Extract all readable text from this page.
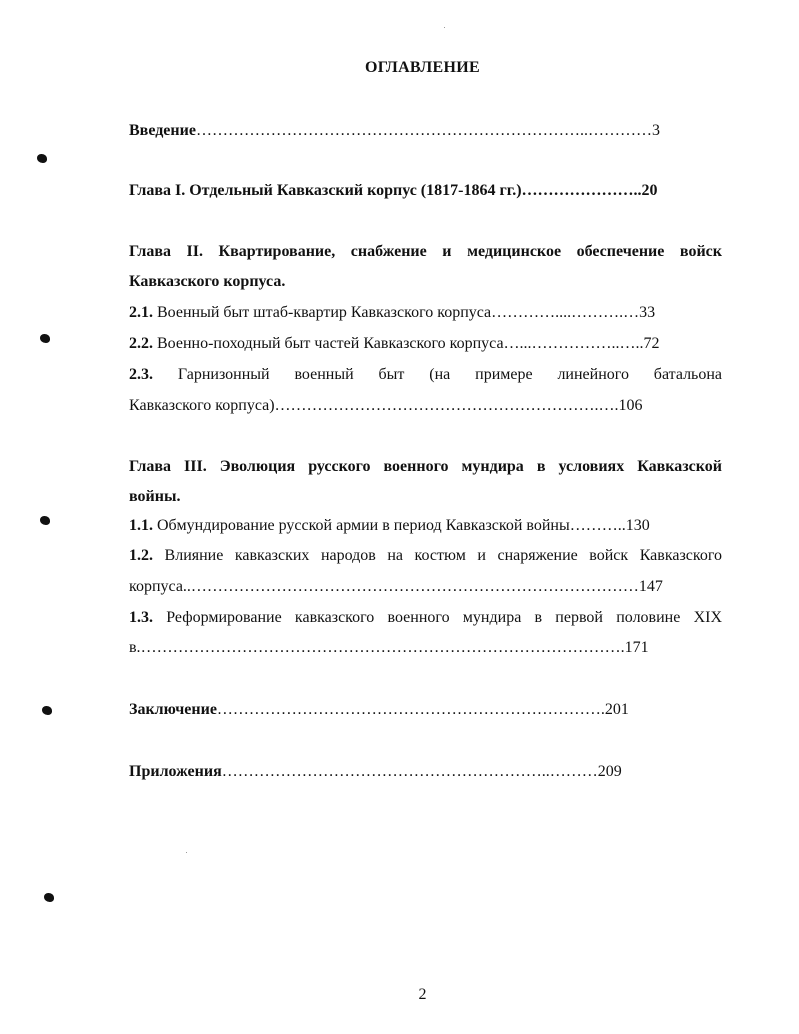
ОГЛАВЛЕНИЕ
Введение………………………………………………………………..…………3
Глава I. Отдельный Кавказский корпус (1817-1864 гг.)…………………..20
Глава II. Квартирование, снабжение и медицинское обеспечение войск
Кавказского корпуса.
2.1. Военный быт штаб-квартир Кавказского корпуса…………....……….…33
2.2. Военно-походный быт частей Кавказского корпуса…...……………..…..72
2.3. Гарнизонный военный быт (на примере линейного батальона
Кавказского корпуса)…………………………………………………….….106
Глава III. Эволюция русского военного мундира в условиях Кавказской
войны.
1.1. Обмундирование русской армии в период Кавказской войны………..130
1.2. Влияние кавказских народов на костюм и снаряжение войск Кавказского
корпуса..…………………………………………………………………………147
1.3. Реформирование кавказского военного мундира в первой половине XIX
в.……………………………………………………………………………….171
Заключение……………………………………………………………….201
Приложения……………………………………………………..………209
2
